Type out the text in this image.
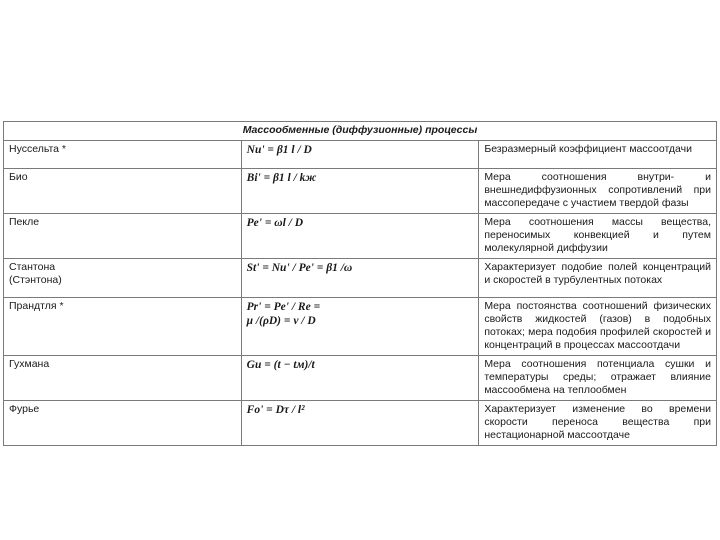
Массообменные (диффузионные) процессы		

Нуссельта *	Nu' = β1 l / D	Безразмерный коэффициент массоотдачи

Био	Bi' = β1 l / kж	Мера соотношения внутри- и внешнедиффузионных сопротивлений при массопередаче с участием твердой фазы

Пекле	Pe' = ωl / D	Мера соотношения массы вещества, переносимых конвекцией и путем молекулярной диффузии

Стантона
(Стэнтона)	St' = Nu' / Pe' = β1 /ω	Характеризует подобие полей концентраций и скоростей в турбулентных потоках

Прандтля *	Pr' = Pe' / Re =
μ /(ρD) = ν / D	Мера постоянства соотношений физических свойств жидкостей (газов) в подобных потоках; мера подобия профилей скоростей и концентраций в процессах массоотдачи

Гухмана	Gu = (t − tм)/t	Мера соотношения потенциала сушки и температуры среды; отражает влияние массообмена на теплообмен

Фурье	Fo' = Dτ / l²	Характеризует изменение во времени скорости переноса вещества при нестационарной массоотдаче
